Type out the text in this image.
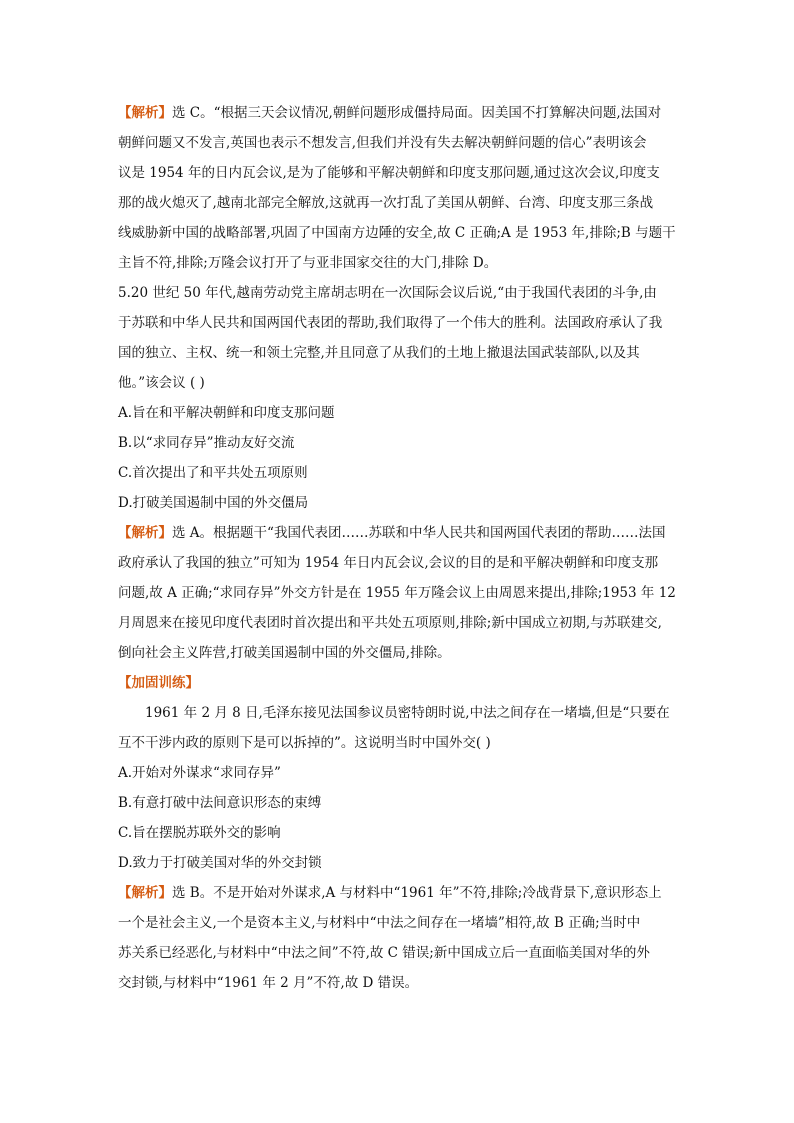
【解析】选 C。“根据三天会议情况,朝鲜问题形成僵持局面。因美国不打算解决问题,法国对
朝鲜问题又不发言,英国也表示不想发言,但我们并没有失去解决朝鲜问题的信心”表明该会
议是 1954 年的日内瓦会议,是为了能够和平解决朝鲜和印度支那问题,通过这次会议,印度支
那的战火熄灭了,越南北部完全解放,这就再一次打乱了美国从朝鲜、台湾、印度支那三条战
线威胁新中国的战略部署,巩固了中国南方边陲的安全,故 C 正确;A 是 1953 年,排除;B 与题干
主旨不符,排除;万隆会议打开了与亚非国家交往的大门,排除 D。
5.20 世纪 50 年代,越南劳动党主席胡志明在一次国际会议后说,“由于我国代表团的斗争,由
于苏联和中华人民共和国两国代表团的帮助,我们取得了一个伟大的胜利。法国政府承认了我
国的独立、主权、统一和领土完整,并且同意了从我们的土地上撤退法国武装部队,以及其
他。”该会议 ( )
A.旨在和平解决朝鲜和印度支那问题
B.以“求同存异”推动友好交流
C.首次提出了和平共处五项原则
D.打破美国遏制中国的外交僵局
【解析】选 A。根据题干“我国代表团……苏联和中华人民共和国两国代表团的帮助……法国
政府承认了我国的独立”可知为 1954 年日内瓦会议,会议的目的是和平解决朝鲜和印度支那
问题,故 A 正确;“求同存异”外交方针是在 1955 年万隆会议上由周恩来提出,排除;1953 年 12
月周恩来在接见印度代表团时首次提出和平共处五项原则,排除;新中国成立初期,与苏联建交,
倒向社会主义阵营,打破美国遏制中国的外交僵局,排除。
【加固训练】
1961 年 2 月 8 日,毛泽东接见法国参议员密特朗时说,中法之间存在一堵墙,但是“只要在
互不干涉内政的原则下是可以拆掉的”。这说明当时中国外交( )
A.开始对外谋求“求同存异”
B.有意打破中法间意识形态的束缚
C.旨在摆脱苏联外交的影响
D.致力于打破美国对华的外交封锁
【解析】选 B。不是开始对外谋求,A 与材料中“1961 年”不符,排除;冷战背景下,意识形态上
一个是社会主义,一个是资本主义,与材料中“中法之间存在一堵墙”相符,故 B 正确;当时中
苏关系已经恶化,与材料中“中法之间”不符,故 C 错误;新中国成立后一直面临美国对华的外
交封锁,与材料中“1961 年 2 月”不符,故 D 错误。
